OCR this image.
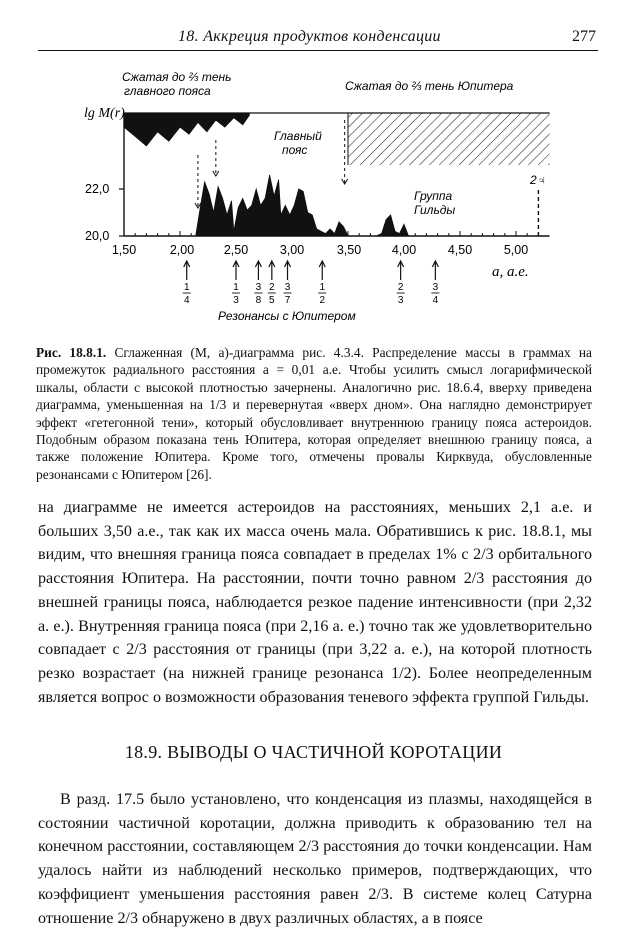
18. Аккреция продуктов конденсации	277
lg M(r)
22,0
20,0
1,50	2,00 2,50	3,00	3,50 4,00	4,50	5,00
a, a.e.
Сжатая до ⅔ тень
главного пояса	Сжатая до ⅔ тень Юпитера
Главный
пояс
Группа
Гильды
2♃
Резонансы с Юпитером
1
4
1
3
3
8
2
5
3
7
1
2
2
3
3
4
Рис. 18.8.1. Сглаженная (M, a)-диаграмма рис. 4.3.4. Распределение массы в граммах на промежуток радиального расстояния a = 0,01 а.е. Чтобы усилить смысл логарифмической шкалы, области с высокой плотностью зачернены. Аналогично рис. 18.6.4, вверху приведена диаграмма, уменьшенная на 1/3 и перевернутая «вверх дном». Она наглядно демонстрирует эффект «гетегонной тени», который обусловливает внутреннюю границу пояса астероидов. Подобным образом показана тень Юпитера, которая определяет внешнюю границу пояса, а также положение Юпитера. Кроме того, отмечены провалы Кирквуда, обусловленные резонансами с Юпитером [26].
на диаграмме не имеется астероидов на расстояниях, меньших 2,1 а.е. и больших 3,50 а.е., так как их масса очень мала. Обратившись к рис. 18.8.1, мы видим, что внешняя граница пояса совпадает в пределах 1% с 2/3 орбитального расстояния Юпитера. На расстоянии, почти точно равном 2/3 расстояния до внешней границы пояса, наблюдается резкое падение интенсивности (при 2,32 а. е.). Внутренняя граница пояса (при 2,16 а. е.) точно так же удовлетворительно совпадает с 2/3 расстояния от границы (при 3,22 а. е.), на которой плотность резко возрастает (на нижней границе резонанса 1/2). Более неопределенным является вопрос о возможности образования теневого эффекта группой Гильды.
18.9. ВЫВОДЫ О ЧАСТИЧНОЙ КОРОТАЦИИ
В разд. 17.5 было установлено, что конденсация из плазмы, находящейся в состоянии частичной коротации, должна приводить к образованию тел на конечном расстоянии, составляющем 2/3 расстояния до точки конденсации. Нам удалось найти из наблюдений несколько примеров, подтверждающих, что коэффициент уменьшения расстояния равен 2/3. В системе колец Сатурна отношение 2/3 обнаружено в двух различных областях, а в поясе
